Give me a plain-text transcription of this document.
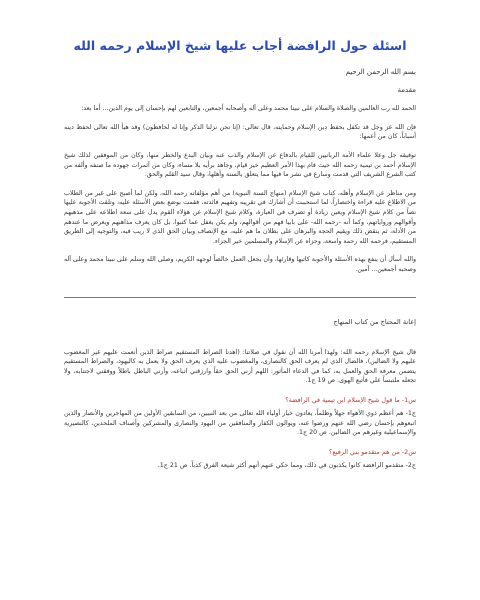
اسئلة حول الرافضة أجاب عليها شيخ الإسلام رحمه الله
بسم الله الرحمن الرحيم
مقدمة

الحمد لله رب العالمين والصلاة والسلام على نبينا محمد وعلى آله وأصحابه أجمعين، والتابعين لهم بإحسان إلى يوم الدين... أما بعد:

فإن الله عز وجل قد تكفل بحفظ دين الإسلام وحمايته، قال تعالى: (إنا نحن نزلنا الذكر وإنا له لحافظون) وقد هيأ الله تعالى لحفظ دينه أسباباً، كان من أعمها:

توفيقه جل وعلا علماء الأمة الربانيين للقيام بالدفاع عن الإسلام والذب عنه وبيان البدع والخطر منها، وكان من الموفقين لذلك شيخ الإسلام أحمد بن تيمية رحمه الله حيث قام بهذا الأمر العظيم خير قيام، وجاهد برأيه بلا مساء، وكان من آثمرات جهوده ما صنفه وألفه من كتب الشرع الشريف التي قدمت وسارع في نشر ما فيها مما يتعلق بالسنة وأهلها، وقال سيد القلم والحق.

ومن مناظر عن الإسلام وأهله، كتاب شيخ الإسلام (منهاج السنة النبوية) من أهم مؤلفاته رحمه الله، ولكن لما أصبح على غير من الطلاب من الاطلاع عليه قراءة واختصاراً، لما استحببت أن أشارك في تقريبه وتفهيم فائدته، فقمت بوضع بعض الأسئلة عليه، وتلقت الأجوبة عليها نصاً من كلام شيخ الإسلام ويعين زيادة أو تصرف في العبارة، وكلام شيخ الإسلام عن هؤلاء القوم يدل على سعة اطلاعه على مذهبهم وأقوالهم ورواياتهم، وكما أنه -رحمه الله- على بابيا فهم من أقوالهم، ولم يكن يغفل عما كتبوا، بل كان يعرف مذاهبهم ويعرض ما عندهم من الأدلة، ثم ينقض ذلك ويقيم الحجة والبرهان على بطلان ما هم عليه، مع الإنصاف وبيان الحق الذي لا ريب فيه، والتوجيه إلى الطريق المستقيم، فرحمه الله رحمة واسعة، وجزاه عن الإسلام والمسلمين خير الجزاء.

والله أسأل أن ينفع بهذه الأسئلة والأجوبة كاتبها وقارئها، وأن يجعل العمل خالصاً لوجهه الكريم، وصلى الله وسلم على نبينا محمد وعلى آله وصحبه أجمعين... آمين.

إعانة المحتاج من كتاب المنهاج

قال شيخ الإسلام رحمه الله: ولهذا أمرنا الله أن نقول في صلاتنا: (اهدنا الصراط المستقيم صراط الذين أنعمت عليهم غير المغضوب عليهم ولا الضالين)، فالضال الذي لم يعرف الحق كالنصارى، والمغضوب عليه الذي يعرف الحق ولا يعمل به كاليهود، والصراط المستقيم يتضمن معرفة الحق والعمل به، كما في الدعاء المأثور: اللهم أرني الحق حقاً وارزقني اتباعه، وأرني الباطل باطلاً ووفقني لاجتنابه، ولا تجعله ملتبساً علي فأتبع الهوى. ص 19 ج1.

س1- ما قول شيخ الإسلام ابن تيمية في الرافضة؟

ج1- هم أعظم ذوي الأهواء جهلاً وظلماً، يعادون خيار أولياء الله تعالى من بعد النبيين، من السابقين الأولين من المهاجرين والأنصار والذين اتبعوهم بإحسان رضي الله عنهم ورضوا عنه، ويوالون الكفار والمنافقين من اليهود والنصارى والمشركين وأصناف الملحدين، كالنصيرية والإسماعيلية وغيرهم من الضالين. ص 20 ج1.

س2- من هم متقدمو بني الرفيع؟

ج2- متقدمو الرافضة كانوا يكذبون في ذلك، ومما حكي عنهم أنهم أكثر شيعة الفرق كذباً. ص 21 ج1.
